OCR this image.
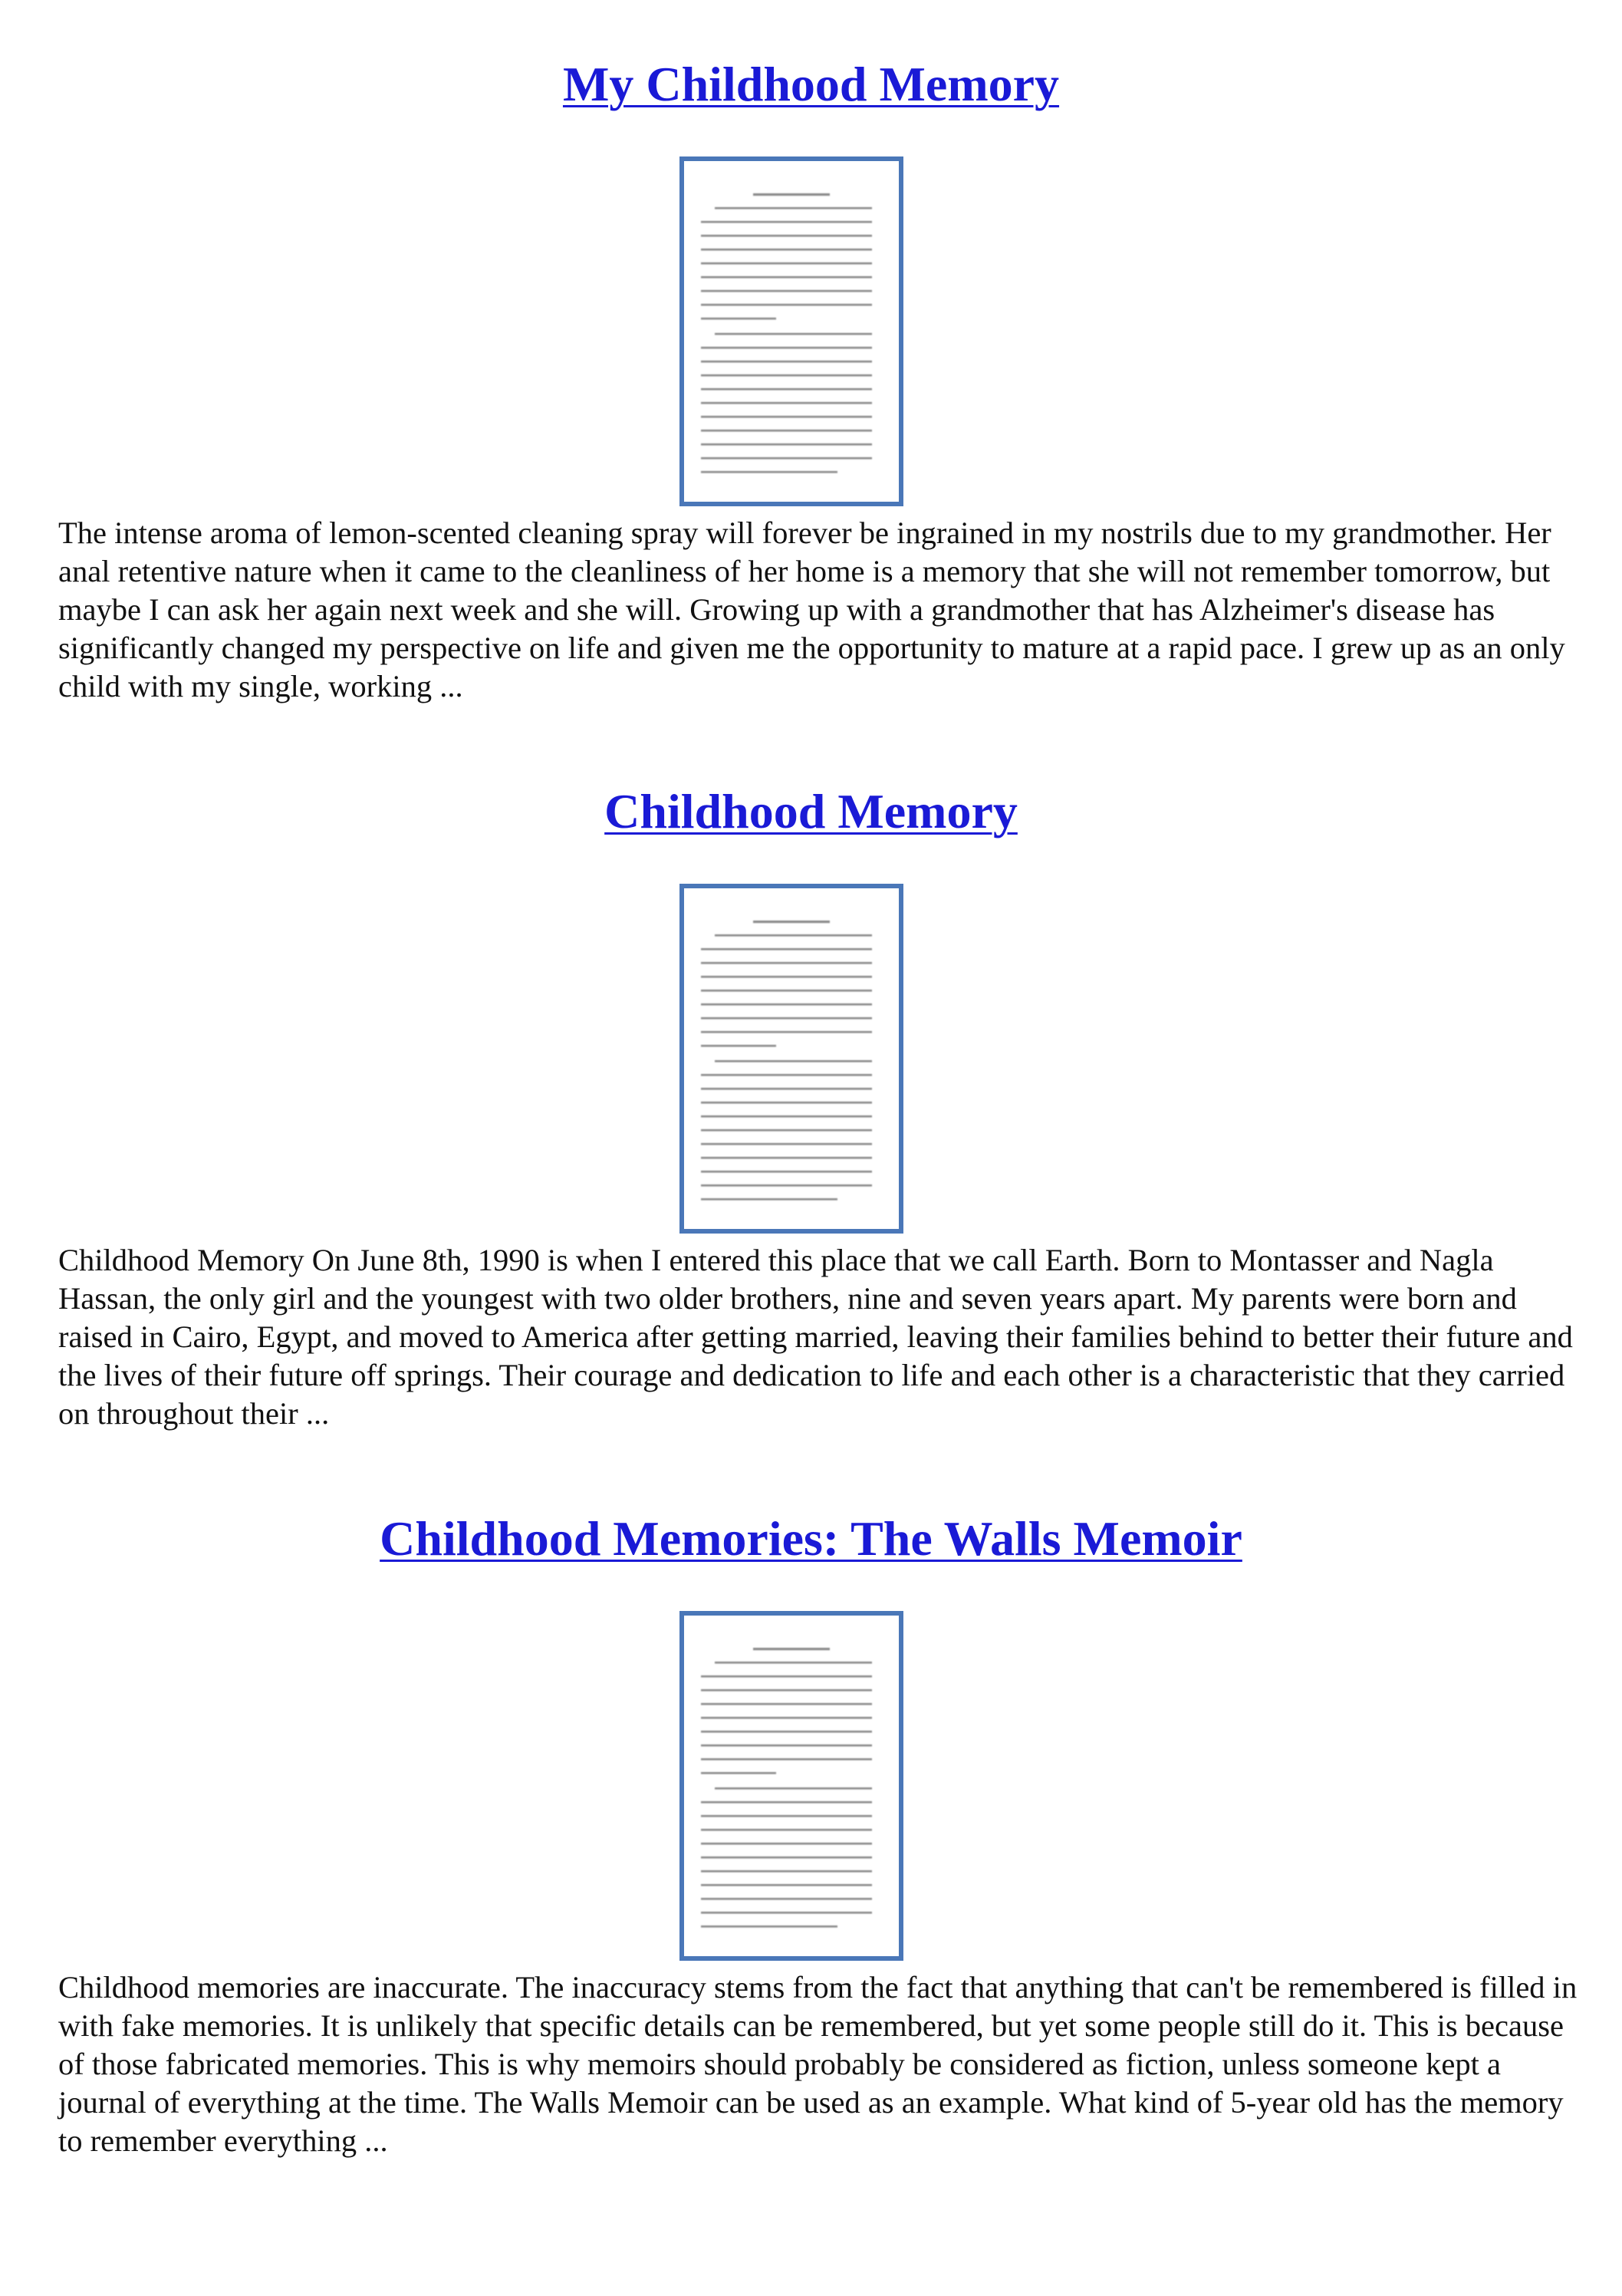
My Childhood Memory

The intense aroma of lemon-scented cleaning spray will forever be ingrained in my nostrils due to my grandmother. Her anal retentive nature when it came to the cleanliness of her home is a memory that she will not remember tomorrow, but maybe I can ask her again next week and she will. Growing up with a grandmother that has Alzheimer's disease has significantly changed my perspective on life and given me the opportunity to mature at a rapid pace. I grew up as an only child with my single, working ...

Childhood Memory

Childhood Memory On June 8th, 1990 is when I entered this place that we call Earth. Born to Montasser and Nagla Hassan, the only girl and the youngest with two older brothers, nine and seven years apart. My parents were born and raised in Cairo, Egypt, and moved to America after getting married, leaving their families behind to better their future and the lives of their future off springs. Their courage and dedication to life and each other is a characteristic that they carried on throughout their ...

Childhood Memories: The Walls Memoir

Childhood memories are inaccurate. The inaccuracy stems from the fact that anything that can't be remembered is filled in with fake memories. It is unlikely that specific details can be remembered, but yet some people still do it. This is because of those fabricated memories. This is why memoirs should probably be considered as fiction, unless someone kept a journal of everything at the time. The Walls Memoir can be used as an example. What kind of 5-year old has the memory to remember everything ...
